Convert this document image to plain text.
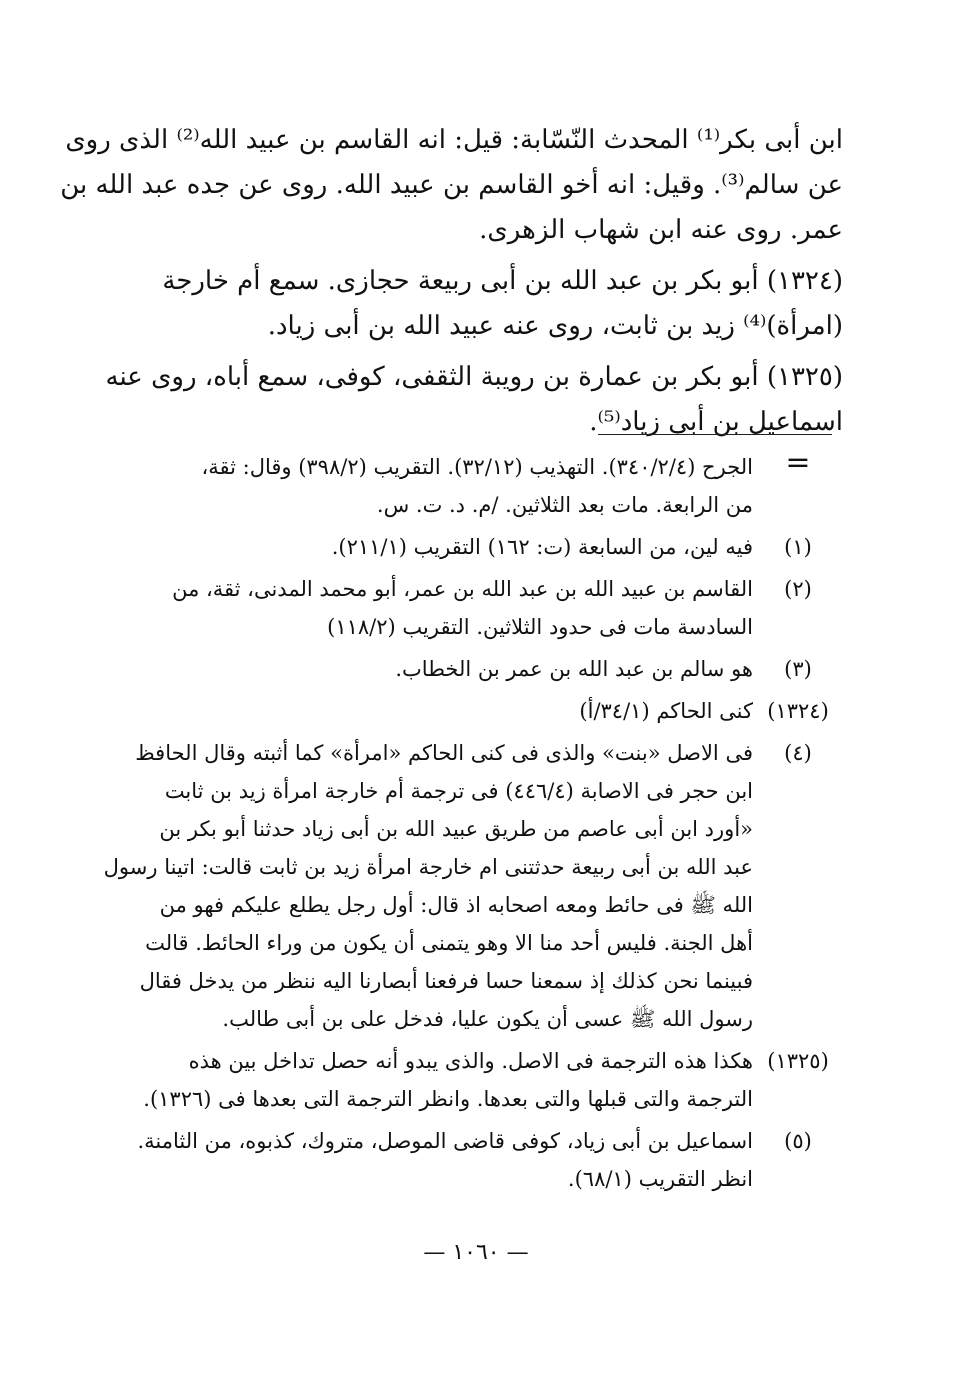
ابن أبى بكر⁽¹⁾ المحدث النّسّابة: قيل: انه القاسم بن عبيد الله⁽²⁾ الذى روى
عن سالم⁽³⁾. وقيل: انه أخو القاسم بن عبيد الله. روى عن جده عبد الله بن
عمر. روى عنه ابن شهاب الزهرى.
(١٣٢٤) أبو بكر بن عبد الله بن أبى ربيعة حجازى. سمع أم خارجة
(امرأة)⁽⁴⁾ زيد بن ثابت، روى عنه عبيد الله بن أبى زياد.
(١٣٢٥) أبو بكر بن عمارة بن رويبة الثقفى، كوفى، سمع أباه، روى عنه
اسماعيل بن أبى زياد⁽⁵⁾.
=
الجرح (٣٤٠/٢/٤). التهذيب (٣٢/١٢). التقريب (٣٩٨/٢) وقال: ثقة،
من الرابعة. مات بعد الثلاثين. /م. د. ت. س.
(١)
فيه لين، من السابعة (ت: ١٦٢) التقريب (٢١١/١).
(٢)
القاسم بن عبيد الله بن عبد الله بن عمر، أبو محمد المدنى، ثقة، من
السادسة مات فى حدود الثلاثين. التقريب (١١٨/٢)
(٣)
هو سالم بن عبد الله بن عمر بن الخطاب.
(١٣٢٤)
كنى الحاكم (٣٤/١/أ)
(٤)
فى الاصل «بنت» والذى فى كنى الحاكم «امرأة» كما أثبته وقال الحافظ
ابن حجر فى الاصابة (٤٤٦/٤) فى ترجمة أم خارجة امرأة زيد بن ثابت
«أورد ابن أبى عاصم من طريق عبيد الله بن أبى زياد حدثنا أبو بكر بن
عبد الله بن أبى ربيعة حدثتنى ام خارجة امرأة زيد بن ثابت قالت: اتينا رسول
الله ﷺ فى حائط ومعه اصحابه اذ قال: أول رجل يطلع عليكم فهو من
أهل الجنة. فليس أحد منا الا وهو يتمنى أن يكون من وراء الحائط. قالت
فبينما نحن كذلك إذ سمعنا حسا فرفعنا أبصارنا اليه ننظر من يدخل فقال
رسول الله ﷺ عسى أن يكون عليا، فدخل على بن أبى طالب.
(١٣٢٥)
هكذا هذه الترجمة فى الاصل. والذى يبدو أنه حصل تداخل بين هذه
الترجمة والتى قبلها والتى بعدها. وانظر الترجمة التى بعدها فى (١٣٢٦).
(٥)
اسماعيل بن أبى زياد، كوفى قاضى الموصل، متروك، كذبوه، من الثامنة.
انظر التقريب (٦٨/١).
— ١٠٦٠ —
